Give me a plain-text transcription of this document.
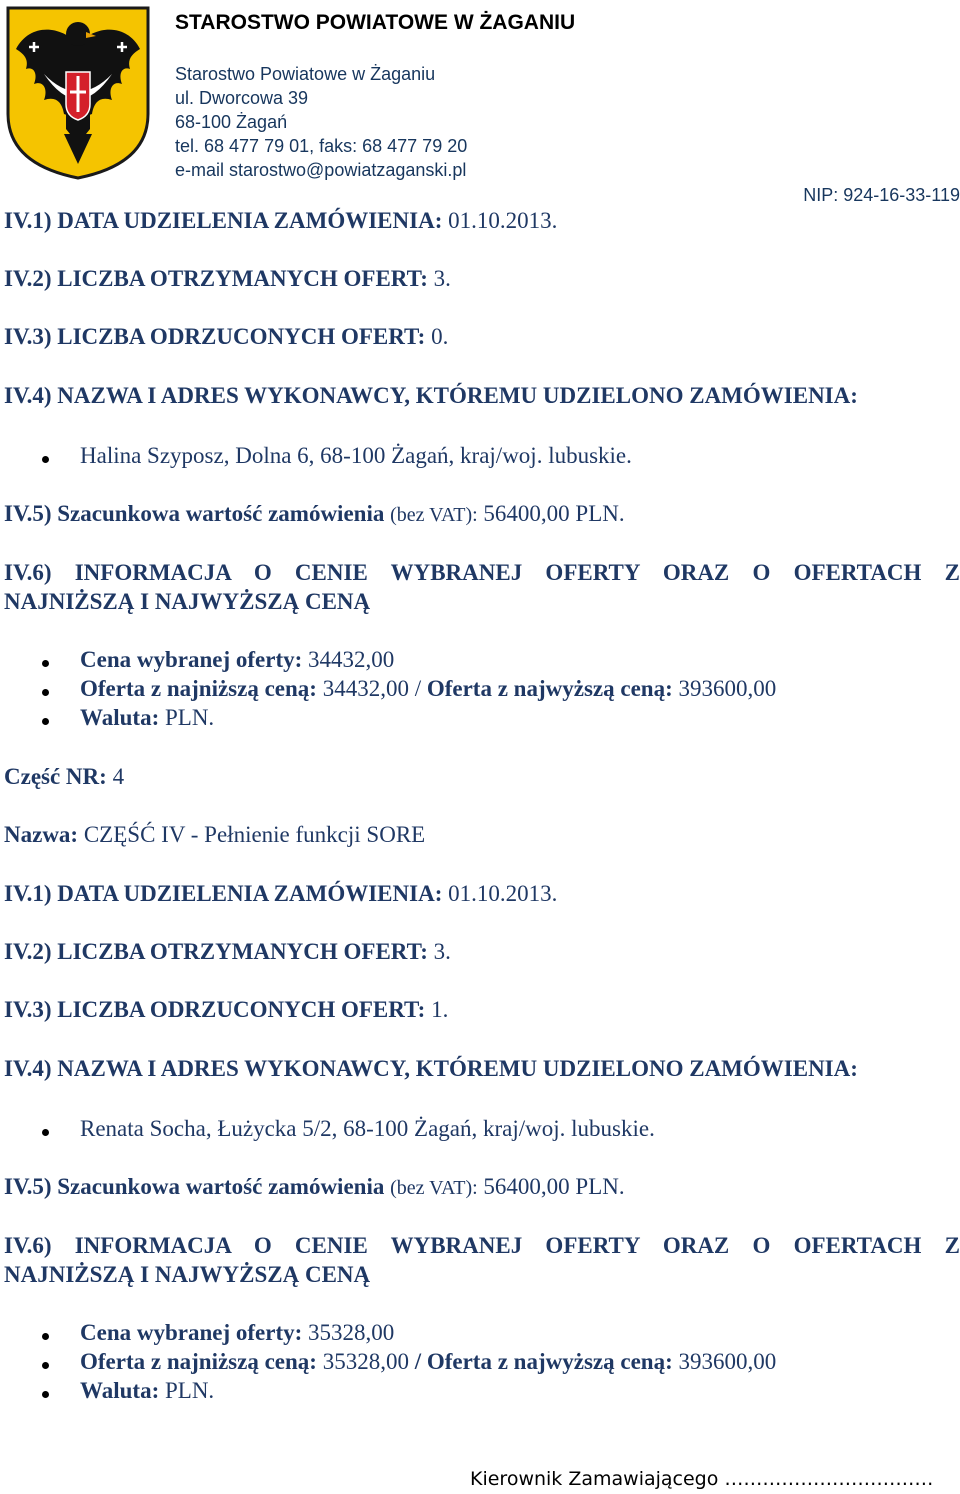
STAROSTWO POWIATOWE W ŻAGANIU
Starostwo Powiatowe w Żaganiu
ul. Dworcowa 39
68-100 Żagań
tel. 68 477 79 01, faks: 68 477 79 20
e-mail starostwo@powiatzaganski.pl
NIP: 924-16-33-119
IV.1) DATA UDZIELENIA ZAMÓWIENIA: 01.10.2013.
IV.2) LICZBA OTRZYMANYCH OFERT: 3.
IV.3) LICZBA ODRZUCONYCH OFERT: 0.
IV.4) NAZWA I ADRES WYKONAWCY, KTÓREMU UDZIELONO ZAMÓWIENIA:
Halina Szyposz, Dolna 6, 68-100 Żagań, kraj/woj. lubuskie.
IV.5) Szacunkowa wartość zamówienia (bez VAT): 56400,00 PLN.
IV.6) INFORMACJA O CENIE WYBRANEJ OFERTY ORAZ O OFERTACH Z
NAJNIŻSZĄ I NAJWYŻSZĄ CENĄ
Cena wybranej oferty: 34432,00
Oferta z najniższą ceną: 34432,00 / Oferta z najwyższą ceną: 393600,00
Waluta: PLN.
Część NR: 4
Nazwa: CZĘŚĆ IV - Pełnienie funkcji SORE
IV.1) DATA UDZIELENIA ZAMÓWIENIA: 01.10.2013.
IV.2) LICZBA OTRZYMANYCH OFERT: 3.
IV.3) LICZBA ODRZUCONYCH OFERT: 1.
IV.4) NAZWA I ADRES WYKONAWCY, KTÓREMU UDZIELONO ZAMÓWIENIA:
Renata Socha, Łużycka 5/2, 68-100 Żagań, kraj/woj. lubuskie.
IV.5) Szacunkowa wartość zamówienia (bez VAT): 56400,00 PLN.
IV.6) INFORMACJA O CENIE WYBRANEJ OFERTY ORAZ O OFERTACH Z
NAJNIŻSZĄ I NAJWYŻSZĄ CENĄ
Cena wybranej oferty: 35328,00
Oferta z najniższą ceną: 35328,00 / Oferta z najwyższą ceną: 393600,00
Waluta: PLN.
Kierownik Zamawiającego ……………………………
